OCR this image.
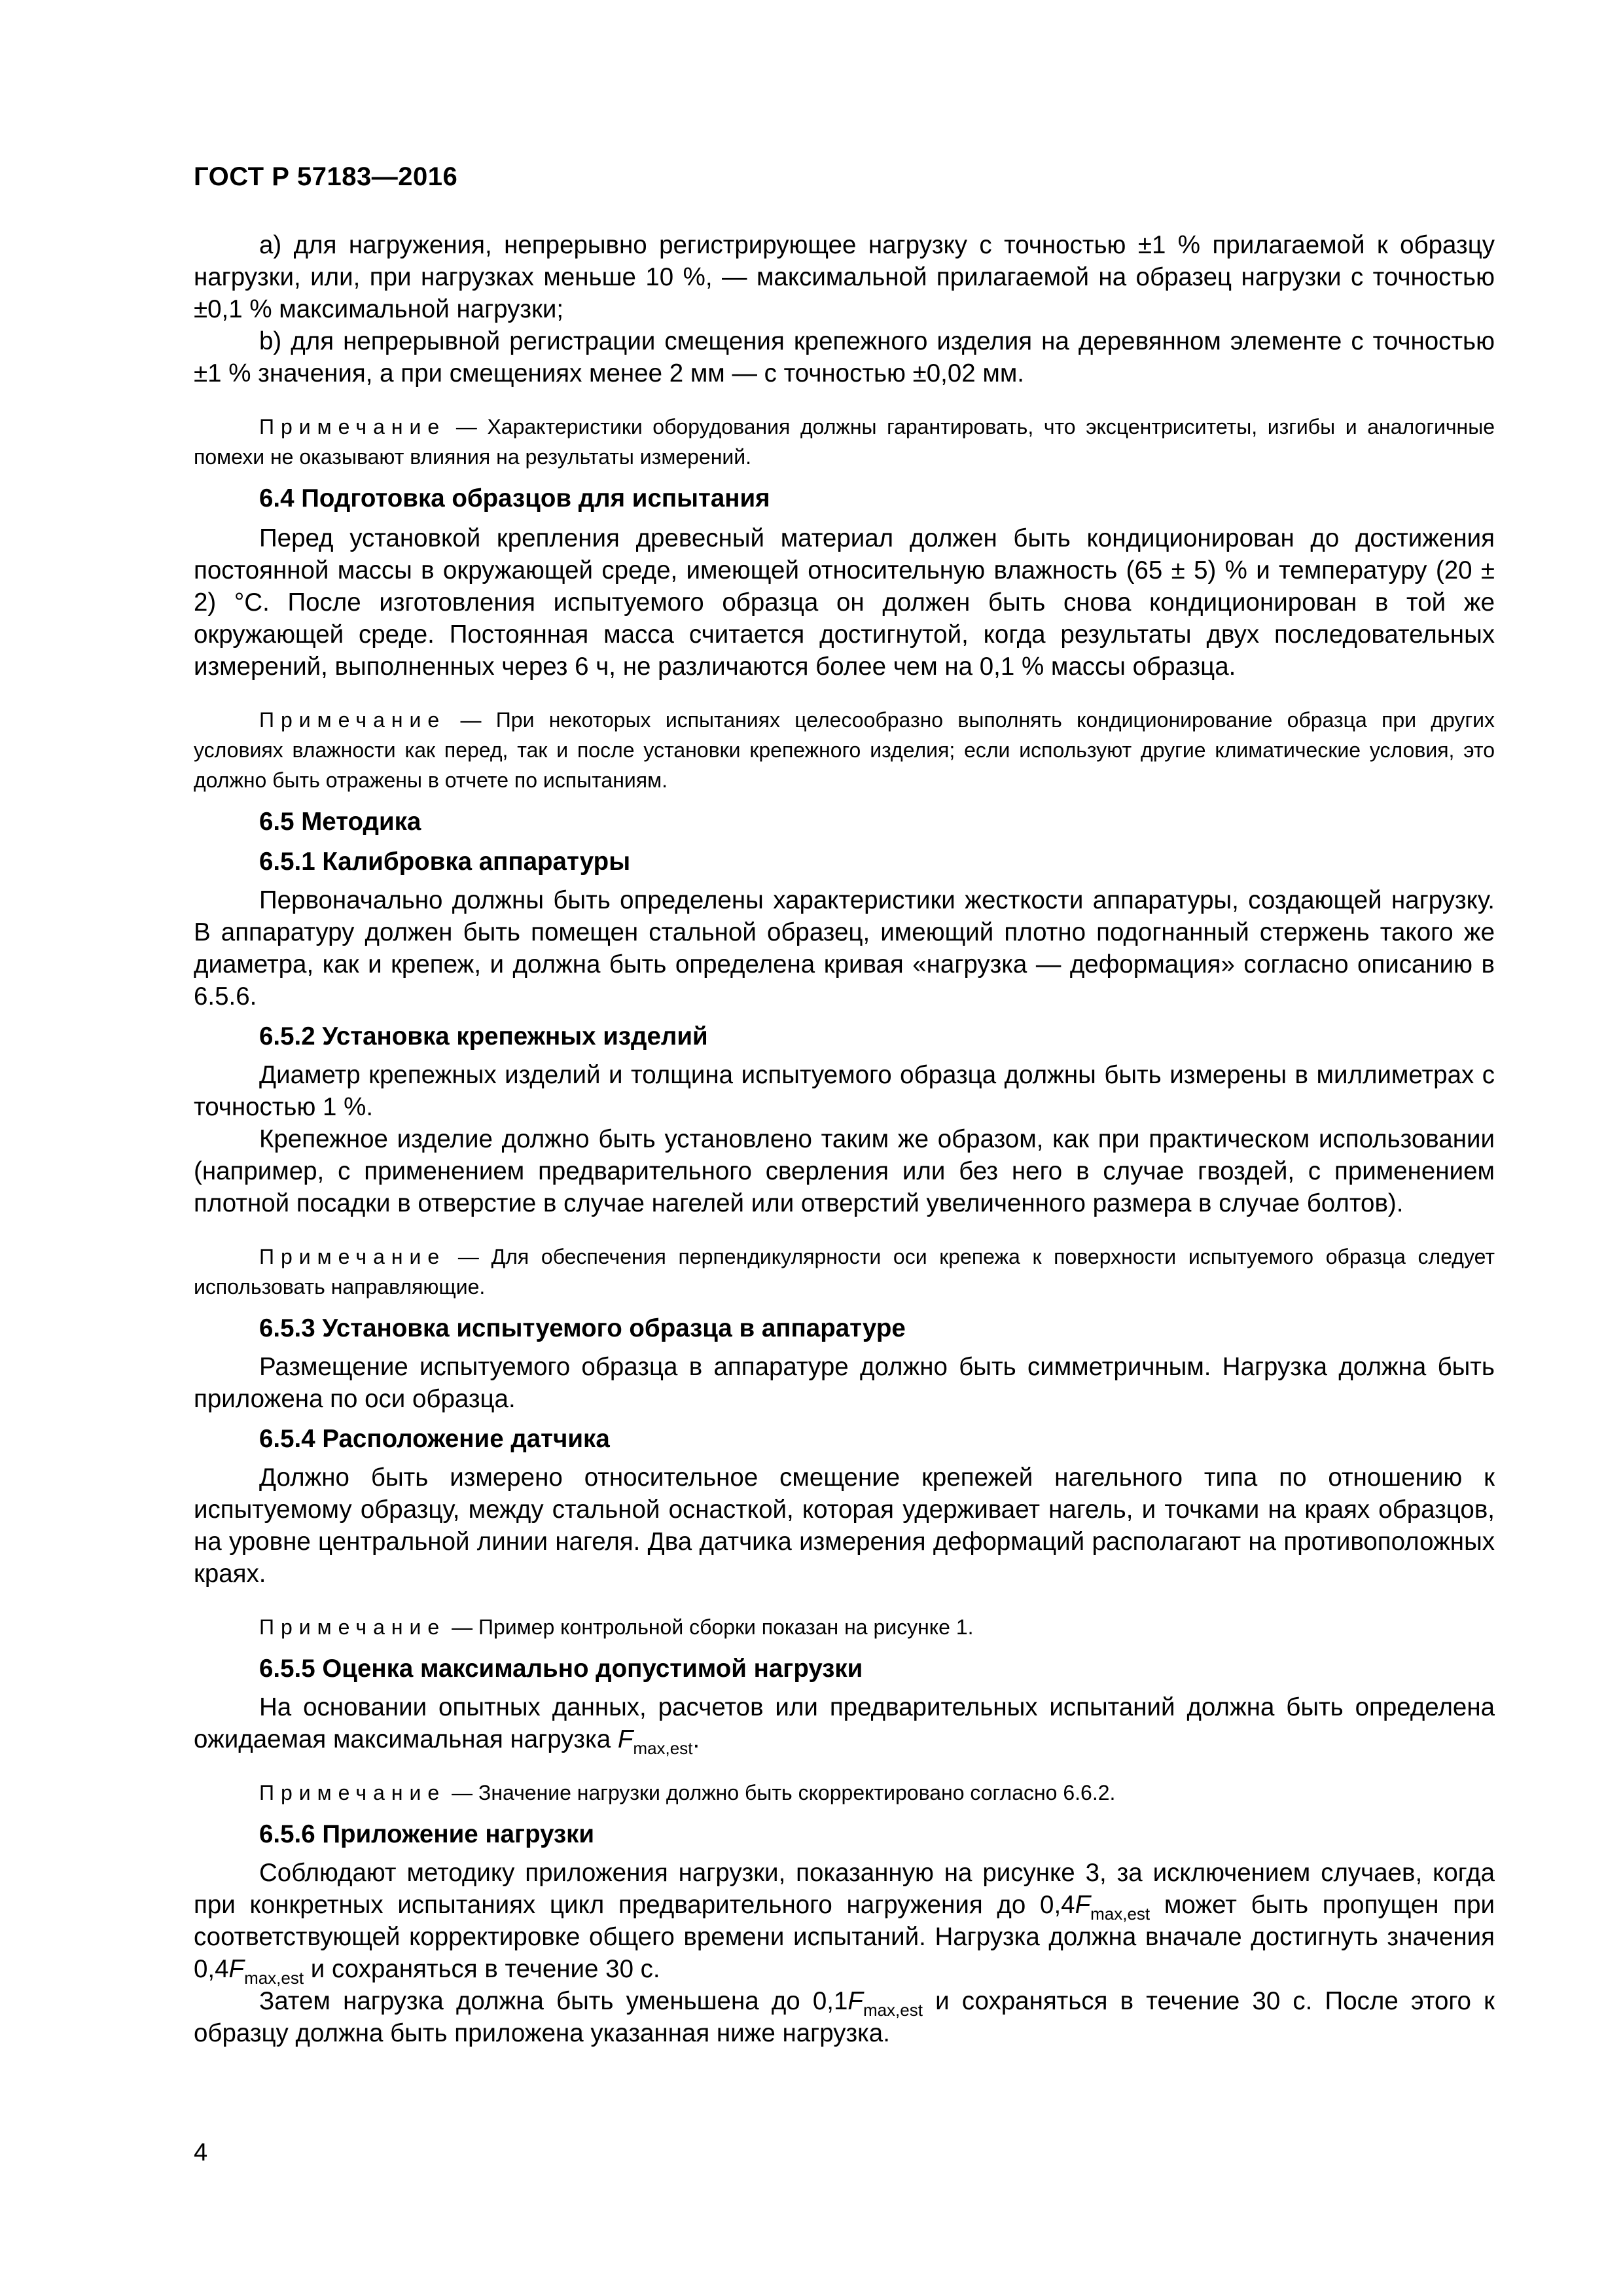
ГОСТ Р 57183—2016

а) для нагружения, непрерывно регистрирующее нагрузку с точностью ±1 % прилагаемой к образцу нагрузки, или, при нагрузках меньше 10 %, — максимальной прилагаемой на образец нагрузки с точностью ±0,1 % максимальной нагрузки;

b) для непрерывной регистрации смещения крепежного изделия на деревянном элементе с точностью ±1 % значения, а при смещениях менее 2 мм — с точностью ±0,02 мм.

Примечание — Характеристики оборудования должны гарантировать, что эксцентриситеты, изгибы и аналогичные помехи не оказывают влияния на результаты измерений.
6.4 Подготовка образцов для испытания

Перед установкой крепления древесный материал должен быть кондиционирован до достижения постоянной массы в окружающей среде, имеющей относительную влажность (65 ± 5) % и температуру (20 ± 2) °С. После изготовления испытуемого образца он должен быть снова кондиционирован в той же окружающей среде. Постоянная масса считается достигнутой, когда результаты двух последовательных измерений, выполненных через 6 ч, не различаются более чем на 0,1 % массы образца.

Примечание — При некоторых испытаниях целесообразно выполнять кондиционирование образца при других условиях влажности как перед, так и после установки крепежного изделия; если используют другие климатические условия, это должно быть отражены в отчете по испытаниям.
6.5 Методика
6.5.1 Калибровка аппаратуры

Первоначально должны быть определены характеристики жесткости аппаратуры, создающей нагрузку. В аппаратуру должен быть помещен стальной образец, имеющий плотно подогнанный стержень такого же диаметра, как и крепеж, и должна быть определена кривая «нагрузка — деформация» согласно описанию в 6.5.6.

6.5.2 Установка крепежных изделий

Диаметр крепежных изделий и толщина испытуемого образца должны быть измерены в миллиметрах с точностью 1 %.

Крепежное изделие должно быть установлено таким же образом, как при практическом использовании (например, с применением предварительного сверления или без него в случае гвоздей, с применением плотной посадки в отверстие в случае нагелей или отверстий увеличенного размера в случае болтов).

Примечание — Для обеспечения перпендикулярности оси крепежа к поверхности испытуемого образца следует использовать направляющие.
6.5.3 Установка испытуемого образца в аппаратуре

Размещение испытуемого образца в аппаратуре должно быть симметричным. Нагрузка должна быть приложена по оси образца.

6.5.4 Расположение датчика

Должно быть измерено относительное смещение крепежей нагельного типа по отношению к испытуемому образцу, между стальной оснасткой, которая удерживает нагель, и точками на краях образцов, на уровне центральной линии нагеля. Два датчика измерения деформаций располагают на противоположных краях.

Примечание — Пример контрольной сборки показан на рисунке 1.
6.5.5 Оценка максимально допустимой нагрузки

На основании опытных данных, расчетов или предварительных испытаний должна быть определена ожидаемая максимальная нагрузка $F_{max,est}$.

Примечание — Значение нагрузки должно быть скорректировано согласно 6.6.2.
6.5.6 Приложение нагрузки

Соблюдают методику приложения нагрузки, показанную на рисунке 3, за исключением случаев, когда при конкретных испытаниях цикл предварительного нагружения до $0,4F_{max,est}$ может быть пропущен при соответствующей корректировке общего времени испытаний. Нагрузка должна вначале достигнуть значения $0,4F_{max,est}$ и сохраняться в течение 30 с.

Затем нагрузка должна быть уменьшена до $0,1F_{max,est}$ и сохраняться в течение 30 с. После этого к образцу должна быть приложена указанная ниже нагрузка.

4
